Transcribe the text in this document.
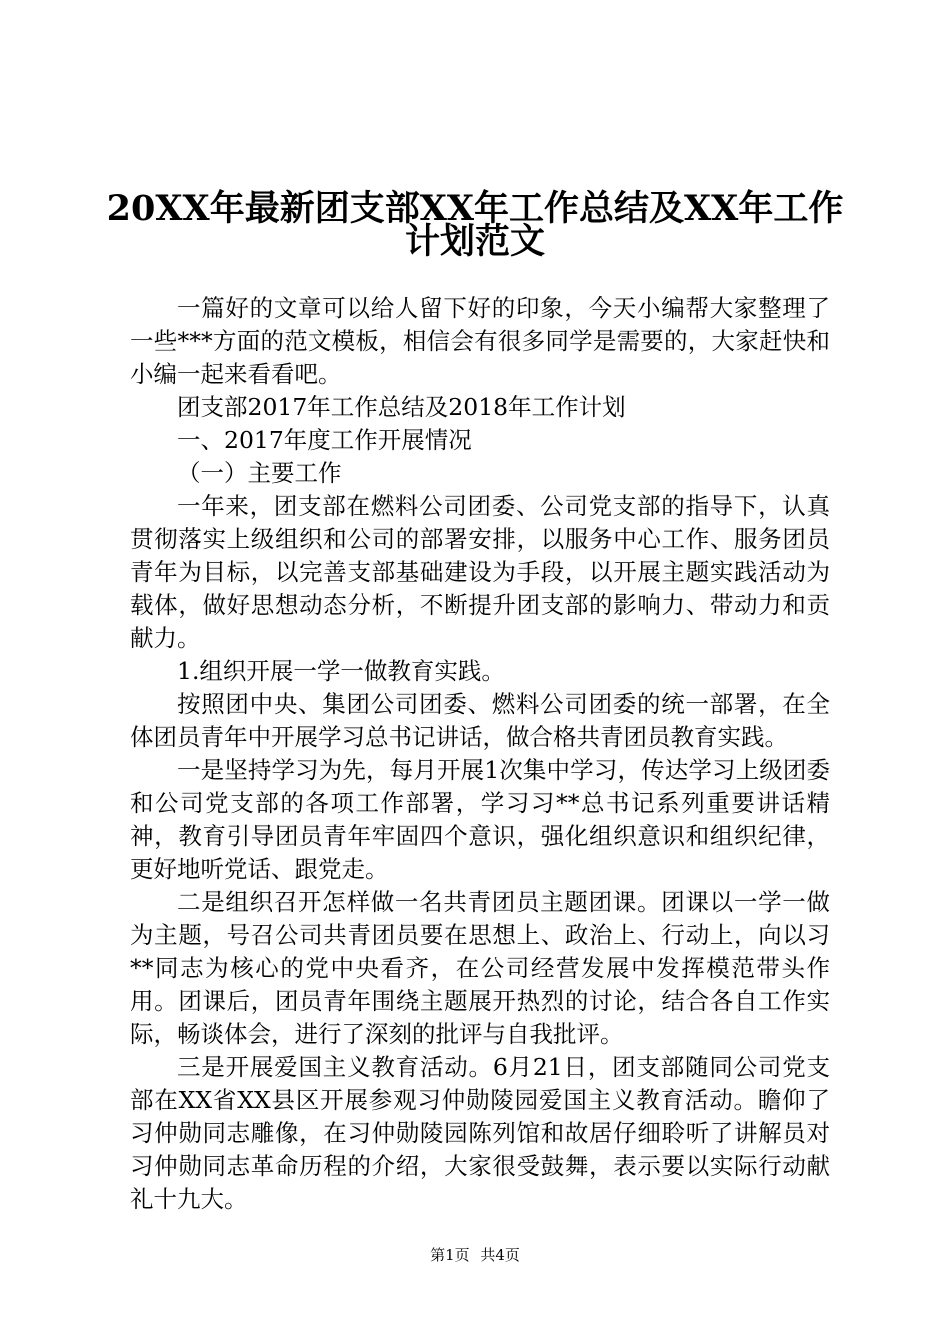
20XX年最新团支部XX年工作总结及XX年工作
计划范文

一篇好的文章可以给人留下好的印象，今天小编帮大家整理了一些***方面的范文模板，相信会有很多同学是需要的，大家赶快和小编一起来看看吧。

团支部2017年工作总结及2018年工作计划

一、2017年度工作开展情况

（一）主要工作

一年来，团支部在燃料公司团委、公司党支部的指导下，认真贯彻落实上级组织和公司的部署安排，以服务中心工作、服务团员青年为目标，以完善支部基础建设为手段，以开展主题实践活动为载体，做好思想动态分析，不断提升团支部的影响力、带动力和贡献力。

1.组织开展一学一做教育实践。

按照团中央、集团公司团委、燃料公司团委的统一部署，在全体团员青年中开展学习总书记讲话，做合格共青团员教育实践。

一是坚持学习为先，每月开展1次集中学习，传达学习上级团委和公司党支部的各项工作部署，学习习**总书记系列重要讲话精神，教育引导团员青年牢固四个意识，强化组织意识和组织纪律，更好地听党话、跟党走。

二是组织召开怎样做一名共青团员主题团课。团课以一学一做为主题，号召公司共青团员要在思想上、政治上、行动上，向以习**同志为核心的党中央看齐，在公司经营发展中发挥模范带头作用。团课后，团员青年围绕主题展开热烈的讨论，结合各自工作实际，畅谈体会，进行了深刻的批评与自我批评。

三是开展爱国主义教育活动。6月21日，团支部随同公司党支部在XX省XX县区开展参观习仲勋陵园爱国主义教育活动。瞻仰了习仲勋同志雕像，在习仲勋陵园陈列馆和故居仔细聆听了讲解员对习仲勋同志革命历程的介绍，大家很受鼓舞，表示要以实际行动献礼十九大。

第1页 共4页
